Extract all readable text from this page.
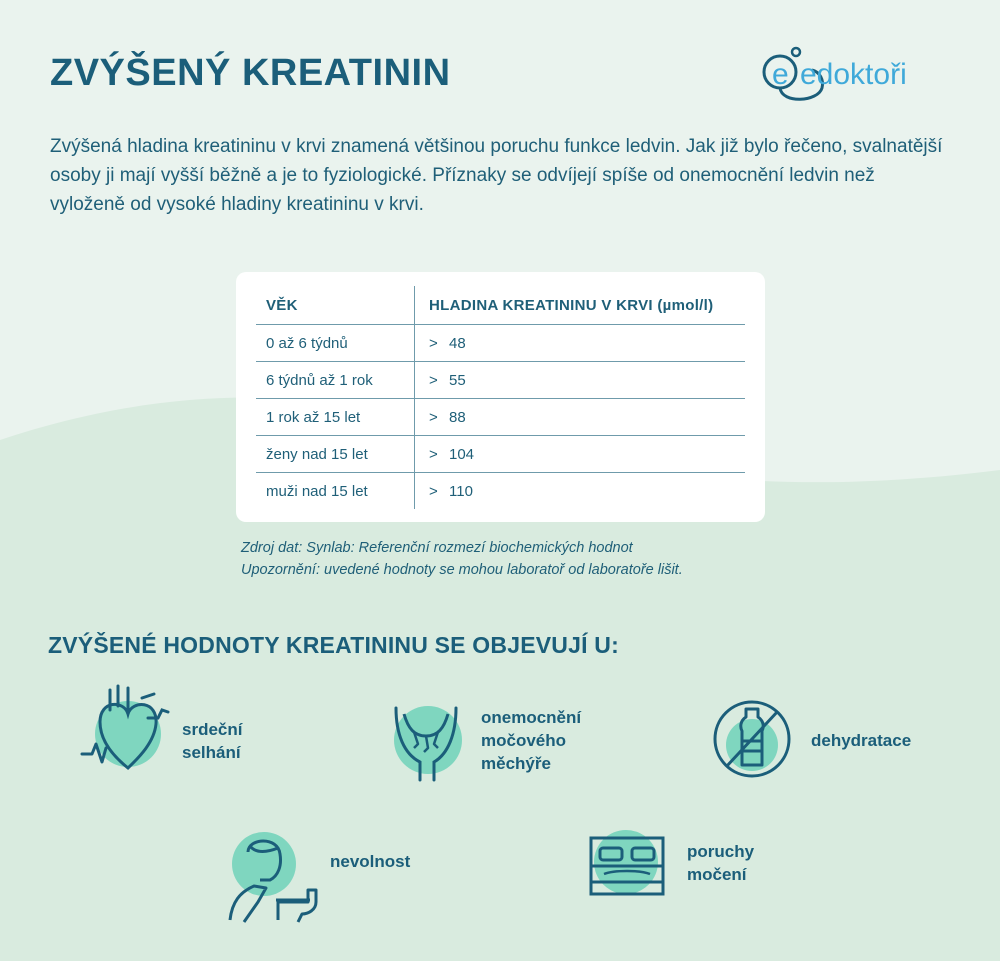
ZVÝŠENÝ KREATININ	e edoktoři

Zvýšená hladina kreatininu v krvi znamená většinou poruchu funkce ledvin. Jak již bylo řečeno, svalnatější osoby ji mají vyšší běžně a je to fyziologické. Příznaky se odvíjejí spíše od onemocnění ledvin než vyloženě od vysoké hladiny kreatininu v krvi.

VĚK	HLADINA KREATININU V KRVI (µmol/l)
0 až 6 týdnů	> 48
6 týdnů až 1 rok	> 55
1 rok až 15 let	> 88
ženy nad 15 let	> 104
muži nad 15 let	> 110

Zdroj dat: Synlab: Referenční rozmezí biochemických hodnot
Upozornění: uvedené hodnoty se mohou laboratoř od laboratoře lišit.

ZVÝŠENÉ HODNOTY KREATININU SE OBJEVUJÍ U:
srdeční
selhání
onemocnění
močového
měchýře
dehydratace
nevolnost
poruchy
močení
